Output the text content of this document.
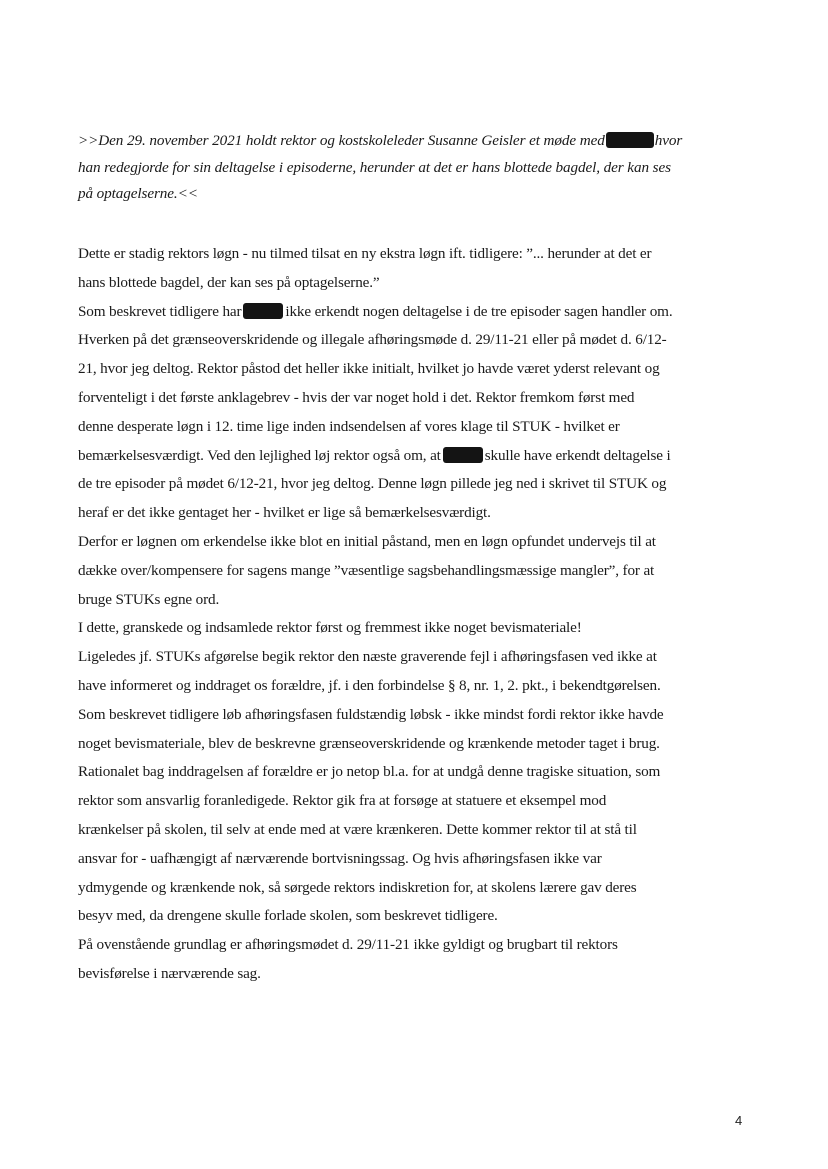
>>Den 29. november 2021 holdt rektor og kostskoleleder Susanne Geisler et møde med	hvor
han redegjorde for sin deltagelse i episoderne, herunder at det er hans blottede bagdel, der kan ses
på optagelserne.<<
Dette er stadig rektors løgn - nu tilmed tilsat en ny ekstra løgn ift. tidligere: ”... herunder at det er
hans blottede bagdel, der kan ses på optagelserne.”
Som beskrevet tidligere har	ikke erkendt nogen deltagelse i de tre episoder sagen handler om.
Hverken på det grænseoverskridende og illegale afhøringsmøde d. 29/11-21 eller på mødet d. 6/12-
21, hvor jeg deltog. Rektor påstod det heller ikke initialt, hvilket jo havde været yderst relevant og
forventeligt i det første anklagebrev - hvis der var noget hold i det. Rektor fremkom først med
denne desperate løgn i 12. time lige inden indsendelsen af vores klage til STUK - hvilket er
bemærkelsesværdigt. Ved den lejlighed løj rektor også om, at	skulle have erkendt deltagelse i
de tre episoder på mødet 6/12-21, hvor jeg deltog. Denne løgn pillede jeg ned i skrivet til STUK og
heraf er det ikke gentaget her - hvilket er lige så bemærkelsesværdigt.
Derfor er løgnen om erkendelse ikke blot en initial påstand, men en løgn opfundet undervejs til at
dække over/kompensere for sagens mange ”væsentlige sagsbehandlingsmæssige mangler”, for at
bruge STUKs egne ord.
I dette, granskede og indsamlede rektor først og fremmest ikke noget bevismateriale!
Ligeledes jf. STUKs afgørelse begik rektor den næste graverende fejl i afhøringsfasen ved ikke at
have informeret og inddraget os forældre, jf. i den forbindelse § 8, nr. 1, 2. pkt., i bekendtgørelsen.
Som beskrevet tidligere løb afhøringsfasen fuldstændig løbsk - ikke mindst fordi rektor ikke havde
noget bevismateriale, blev de beskrevne grænseoverskridende og krænkende metoder taget i brug.
Rationalet bag inddragelsen af forældre er jo netop bl.a. for at undgå denne tragiske situation, som
rektor som ansvarlig foranledigede. Rektor gik fra at forsøge at statuere et eksempel mod
krænkelser på skolen, til selv at ende med at være krænkeren. Dette kommer rektor til at stå til
ansvar for - uafhængigt af nærværende bortvisningssag. Og hvis afhøringsfasen ikke var
ydmygende og krænkende nok, så sørgede rektors indiskretion for, at skolens lærere gav deres
besyv med, da drengene skulle forlade skolen, som beskrevet tidligere.
På ovenstående grundlag er afhøringsmødet d. 29/11-21 ikke gyldigt og brugbart til rektors
bevisførelse i nærværende sag.
4
